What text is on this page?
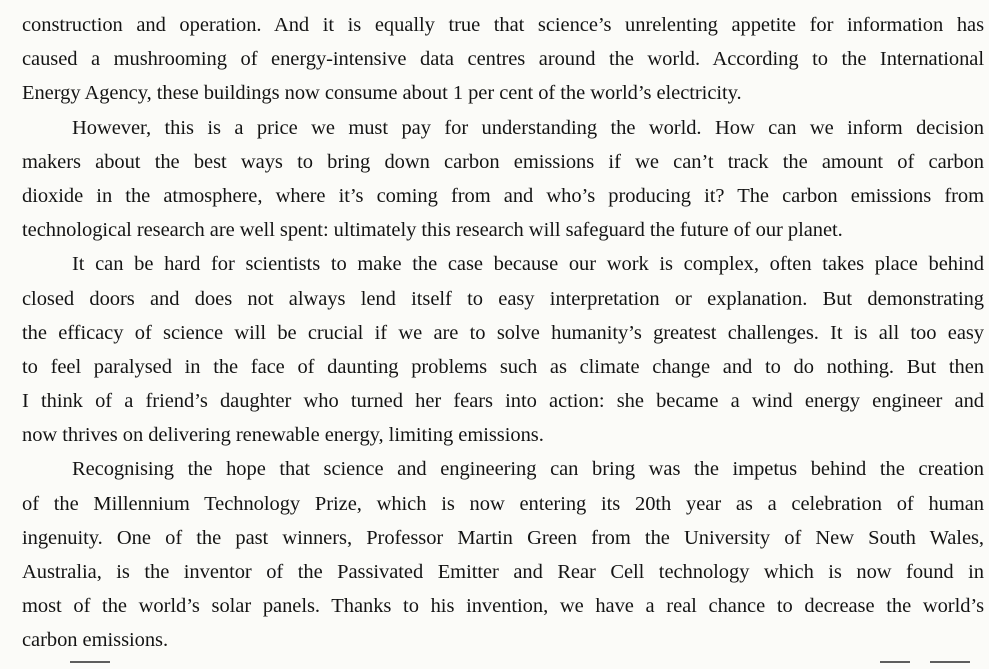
construction and operation. And it is equally true that science’s unrelenting appetite for information has
caused a mushrooming of energy-intensive data centres around the world. According to the International
Energy Agency, these buildings now consume about 1 per cent of the world’s electricity.
However, this is a price we must pay for understanding the world. How can we inform decision
makers about the best ways to bring down carbon emissions if we can’t track the amount of carbon
dioxide in the atmosphere, where it’s coming from and who’s producing it? The carbon emissions from
technological research are well spent: ultimately this research will safeguard the future of our planet.
It can be hard for scientists to make the case because our work is complex, often takes place behind
closed doors and does not always lend itself to easy interpretation or explanation. But demonstrating
the efficacy of science will be crucial if we are to solve humanity’s greatest challenges. It is all too easy
to feel paralysed in the face of daunting problems such as climate change and to do nothing. But then
I think of a friend’s daughter who turned her fears into action: she became a wind energy engineer and
now thrives on delivering renewable energy, limiting emissions.
Recognising the hope that science and engineering can bring was the impetus behind the creation
of the Millennium Technology Prize, which is now entering its 20th year as a celebration of human
ingenuity. One of the past winners, Professor Martin Green from the University of New South Wales,
Australia, is the inventor of the Passivated Emitter and Rear Cell technology which is now found in
most of the world’s solar panels. Thanks to his invention, we have a real chance to decrease the world’s
carbon emissions.
